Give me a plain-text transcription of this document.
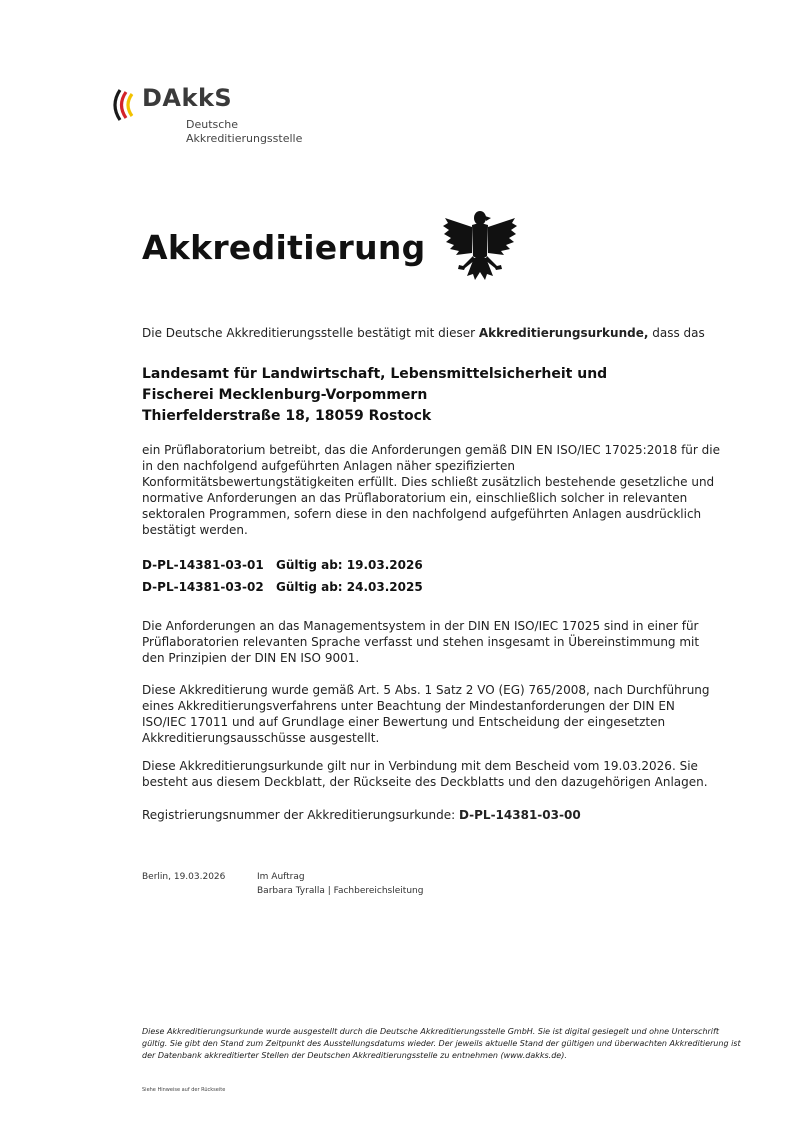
DAkkS
Deutsche
Akkreditierungsstelle
Akkreditierung
Die Deutsche Akkreditierungsstelle bestätigt mit dieser Akkreditierungsurkunde, dass das
Landesamt für Landwirtschaft, Lebensmittelsicherheit und
Fischerei Mecklenburg-Vorpommern
Thierfelderstraße 18, 18059 Rostock
ein Prüflaboratorium betreibt, das die Anforderungen gemäß DIN EN ISO/IEC 17025:2018 für die in den nachfolgend aufgeführten Anlagen näher spezifizierten Konformitätsbewertungstätigkeiten erfüllt. Dies schließt zusätzlich bestehende gesetzliche und normative Anforderungen an das Prüflaboratorium ein, einschließlich solcher in relevanten sektoralen Programmen, sofern diese in den nachfolgend aufgeführten Anlagen ausdrücklich bestätigt werden.
D-PL-14381-03-01 Gültig ab: 19.03.2026
D-PL-14381-03-02 Gültig ab: 24.03.2025
Die Anforderungen an das Managementsystem in der DIN EN ISO/IEC 17025 sind in einer für Prüflaboratorien relevanten Sprache verfasst und stehen insgesamt in Übereinstimmung mit den Prinzipien der DIN EN ISO 9001.
Diese Akkreditierung wurde gemäß Art. 5 Abs. 1 Satz 2 VO (EG) 765/2008, nach Durchführung eines Akkreditierungsverfahrens unter Beachtung der Mindestanforderungen der DIN EN ISO/IEC 17011 und auf Grundlage einer Bewertung und Entscheidung der eingesetzten Akkreditierungsausschüsse ausgestellt.
Diese Akkreditierungsurkunde gilt nur in Verbindung mit dem Bescheid vom 19.03.2026. Sie besteht aus diesem Deckblatt, der Rückseite des Deckblatts und den dazugehörigen Anlagen.
Registrierungsnummer der Akkreditierungsurkunde: D-PL-14381-03-00
Berlin, 19.03.2026	Im Auftrag
Barbara Tyralla | Fachbereichsleitung
Diese Akkreditierungsurkunde wurde ausgestellt durch die Deutsche Akkreditierungsstelle GmbH. Sie ist digital gesiegelt und ohne Unterschrift gültig. Sie gibt den Stand zum Zeitpunkt des Ausstellungsdatums wieder. Der jeweils aktuelle Stand der gültigen und überwachten Akkreditierung ist der Datenbank akkreditierter Stellen der Deutschen Akkreditierungsstelle zu entnehmen (www.dakks.de).
Siehe Hinweise auf der Rückseite
